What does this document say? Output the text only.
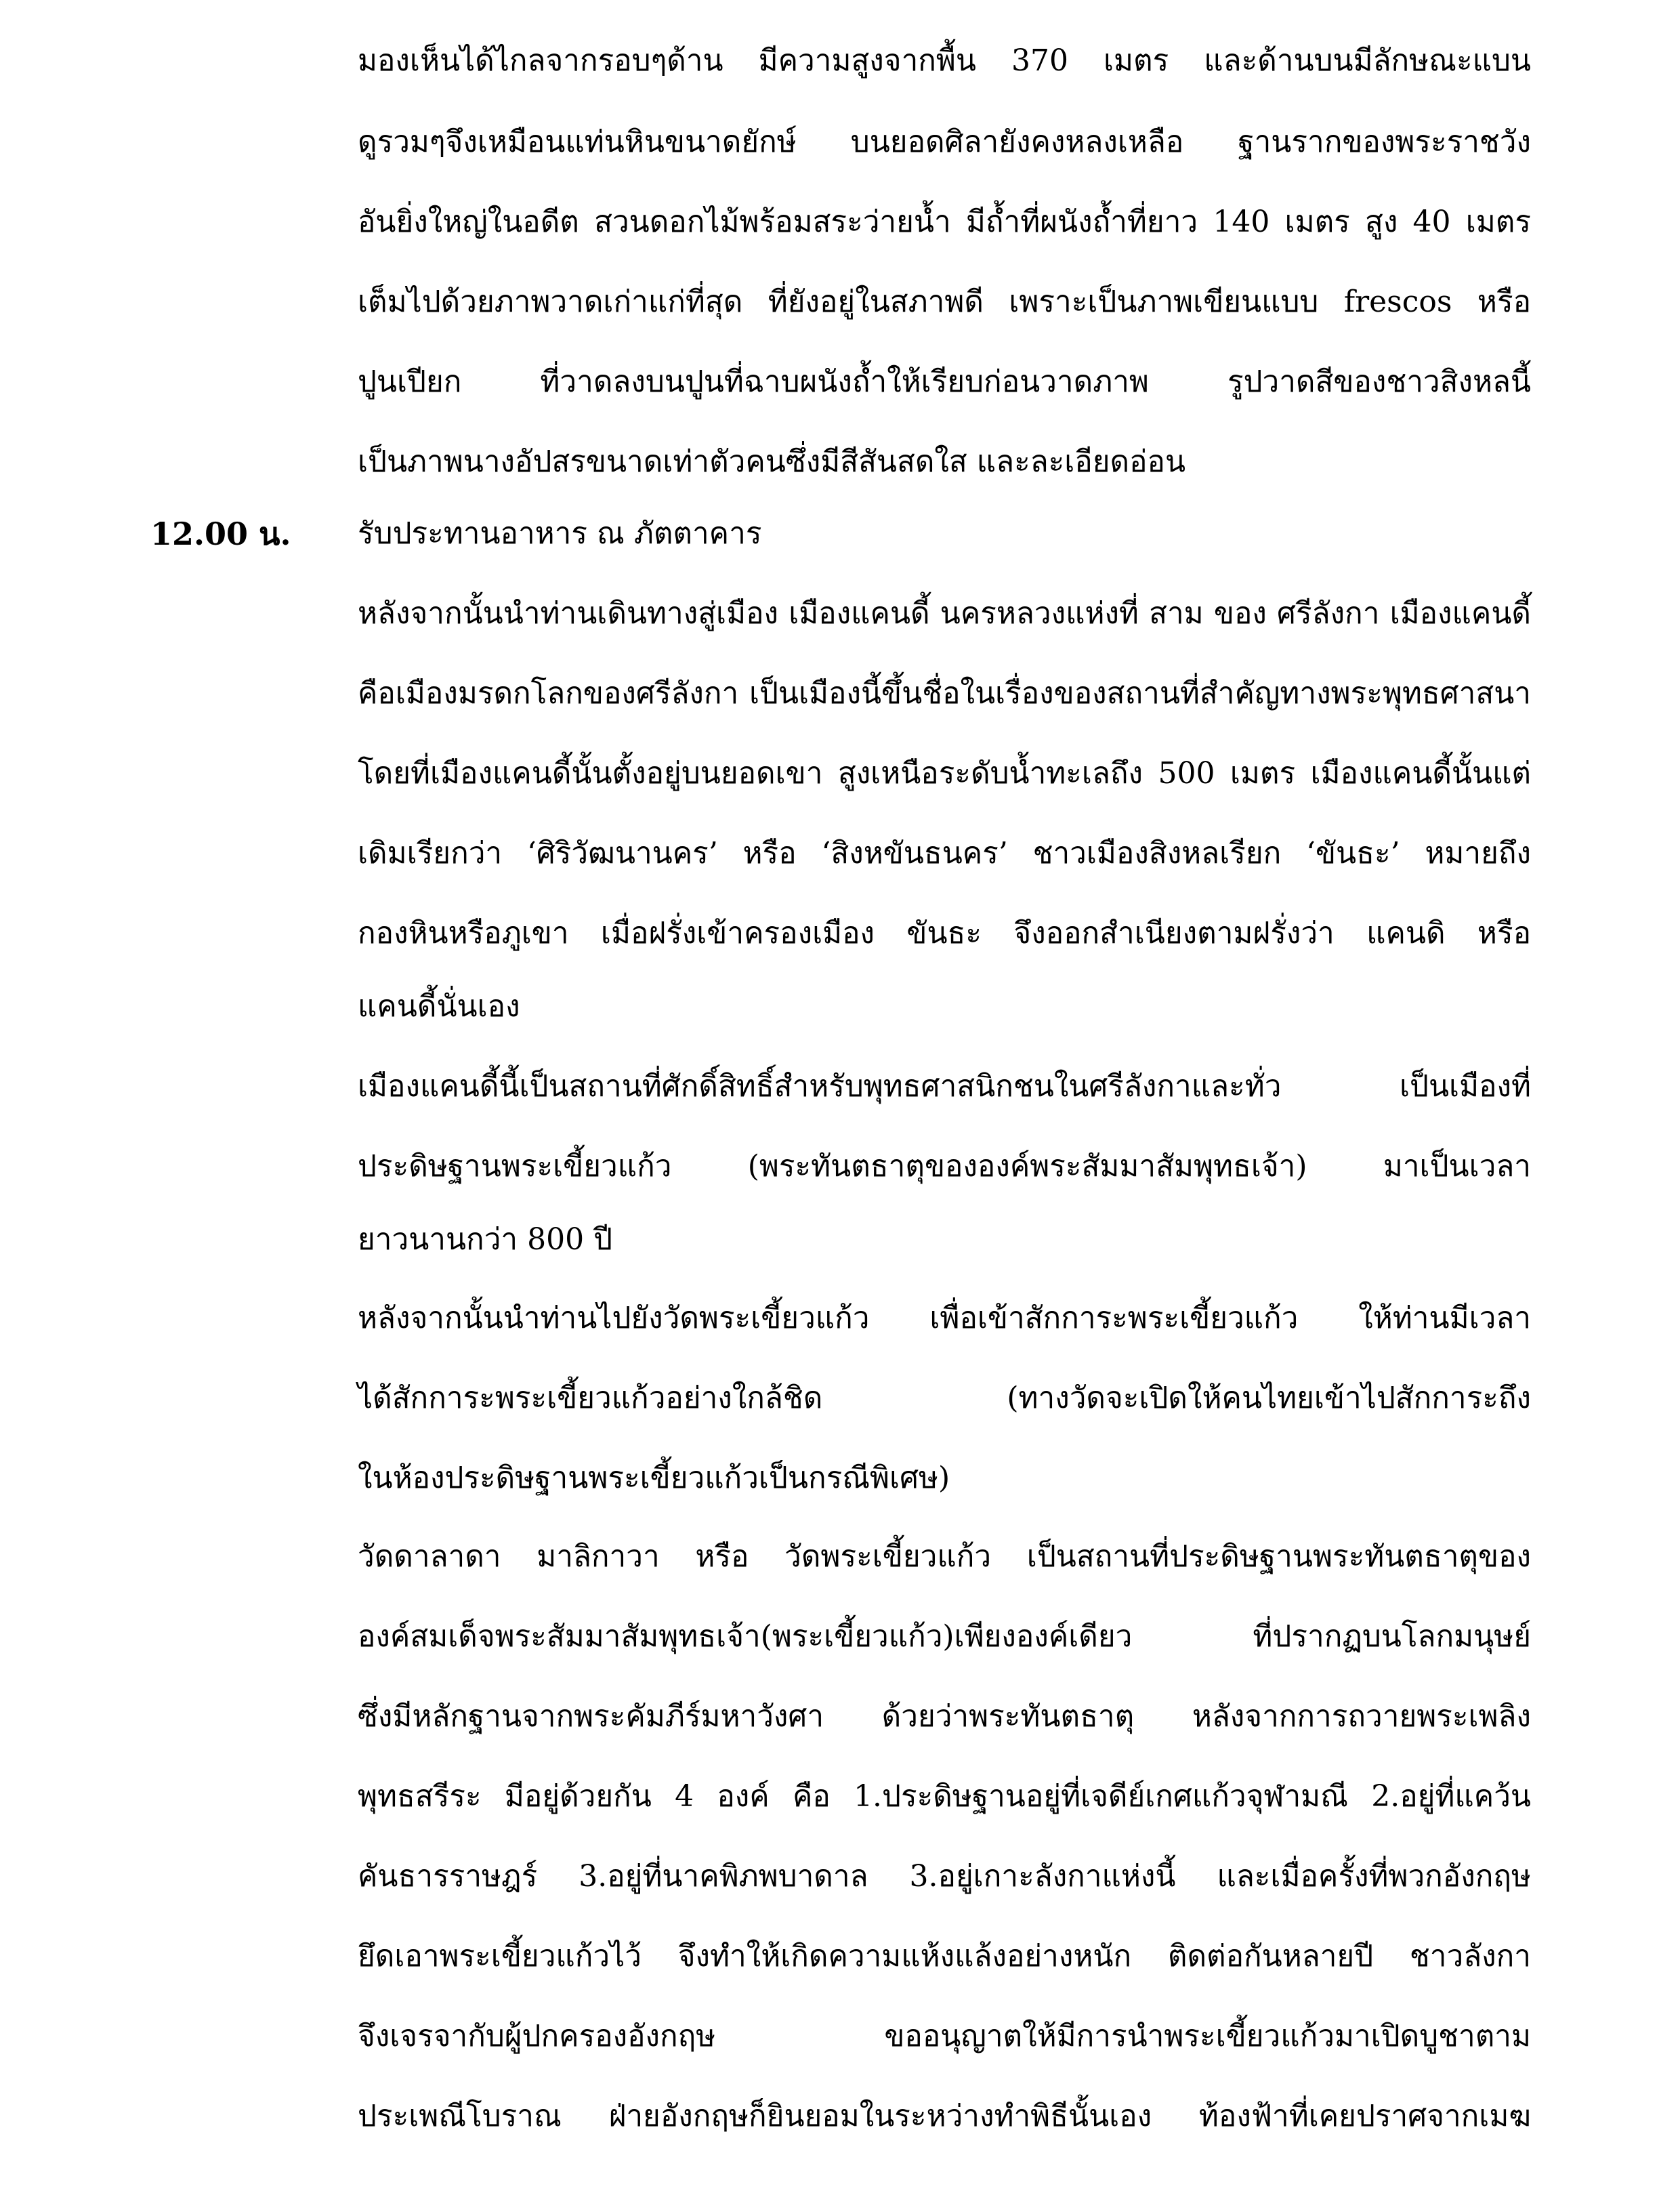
มองเห็นได้ไกลจากรอบๆด้าน มีความสูงจากพื้น 370 เมตร และด้านบนมีลักษณะแบน
ดูรวมๆจึงเหมือนแท่นหินขนาดยักษ์ บนยอดศิลายังคงหลงเหลือ ฐานรากของพระราชวัง
อันยิ่งใหญ่ในอดีต สวนดอกไม้พร้อมสระว่ายน้ำ มีถ้ำที่ผนังถ้ำที่ยาว 140 เมตร สูง 40 เมตร
เต็มไปด้วยภาพวาดเก่าแก่ที่สุด ที่ยังอยู่ในสภาพดี เพราะเป็นภาพเขียนแบบ frescos หรือ
ปูนเปียก ที่วาดลงบนปูนที่ฉาบผนังถ้ำให้เรียบก่อนวาดภาพ รูปวาดสีของชาวสิงหลนี้
เป็นภาพนางอัปสรขนาดเท่าตัวคนซึ่งมีสีสันสดใส และละเอียดอ่อน
12.00 น. รับประทานอาหาร ณ ภัตตาคาร
หลังจากนั้นนำท่านเดินทางสู่เมือง เมืองแคนดี้ นครหลวงแห่งที่ สาม ของ ศรีลังกา เมืองแคนดี้
คือเมืองมรดกโลกของศรีลังกา เป็นเมืองนี้ขึ้นชื่อในเรื่องของสถานที่สำคัญทางพระพุทธศาสนา
โดยที่เมืองแคนดี้นั้นตั้งอยู่บนยอดเขา สูงเหนือระดับน้ำทะเลถึง 500 เมตร เมืองแคนดี้นั้นแต่
เดิมเรียกว่า ‘ศิริวัฒนานคร’ หรือ ‘สิงหขันธนคร’ ชาวเมืองสิงหลเรียก ‘ขันธะ’ หมายถึง
กองหินหรือภูเขา เมื่อฝรั่งเข้าครองเมือง ขันธะ จึงออกสำเนียงตามฝรั่งว่า แคนดิ หรือ
แคนดี้นั่นเอง
เมืองแคนดี้นี้เป็นสถานที่ศักดิ์สิทธิ์สำหรับพุทธศาสนิกชนในศรีลังกาและทั่ว เป็นเมืองที่
ประดิษฐานพระเขี้ยวแก้ว (พระทันตธาตุขององค์พระสัมมาสัมพุทธเจ้า) มาเป็นเวลา
ยาวนานกว่า 800 ปี
หลังจากนั้นนำท่านไปยังวัดพระเขี้ยวแก้ว เพื่อเข้าสักการะพระเขี้ยวแก้ว ให้ท่านมีเวลา
ได้สักการะพระเขี้ยวแก้วอย่างใกล้ชิด (ทางวัดจะเปิดให้คนไทยเข้าไปสักการะถึง
ในห้องประดิษฐานพระเขี้ยวแก้วเป็นกรณีพิเศษ)
วัดดาลาดา มาลิกาวา หรือ วัดพระเขี้ยวแก้ว เป็นสถานที่ประดิษฐานพระทันตธาตุของ
องค์สมเด็จพระสัมมาสัมพุทธเจ้า(พระเขี้ยวแก้ว)เพียงองค์เดียว ที่ปรากฏบนโลกมนุษย์
ซึ่งมีหลักฐานจากพระคัมภีร์มหาวังศา ด้วยว่าพระทันตธาตุ หลังจากการถวายพระเพลิง
พุทธสรีระ มีอยู่ด้วยกัน 4 องค์ คือ 1.ประดิษฐานอยู่ที่เจดีย์เกศแก้วจุฬามณี 2.อยู่ที่แคว้น
คันธารราษฎร์ 3.อยู่ที่นาคพิภพบาดาล 3.อยู่เกาะลังกาแห่งนี้ และเมื่อครั้งที่พวกอังกฤษ
ยึดเอาพระเขี้ยวแก้วไว้ จึงทำให้เกิดความแห้งแล้งอย่างหนัก ติดต่อกันหลายปี ชาวลังกา
จึงเจรจากับผู้ปกครองอังกฤษ ขออนุญาตให้มีการนำพระเขี้ยวแก้วมาเปิดบูชาตาม
ประเพณีโบราณ ฝ่ายอังกฤษก็ยินยอมในระหว่างทำพิธีนั้นเอง ท้องฟ้าที่เคยปราศจากเมฆ
